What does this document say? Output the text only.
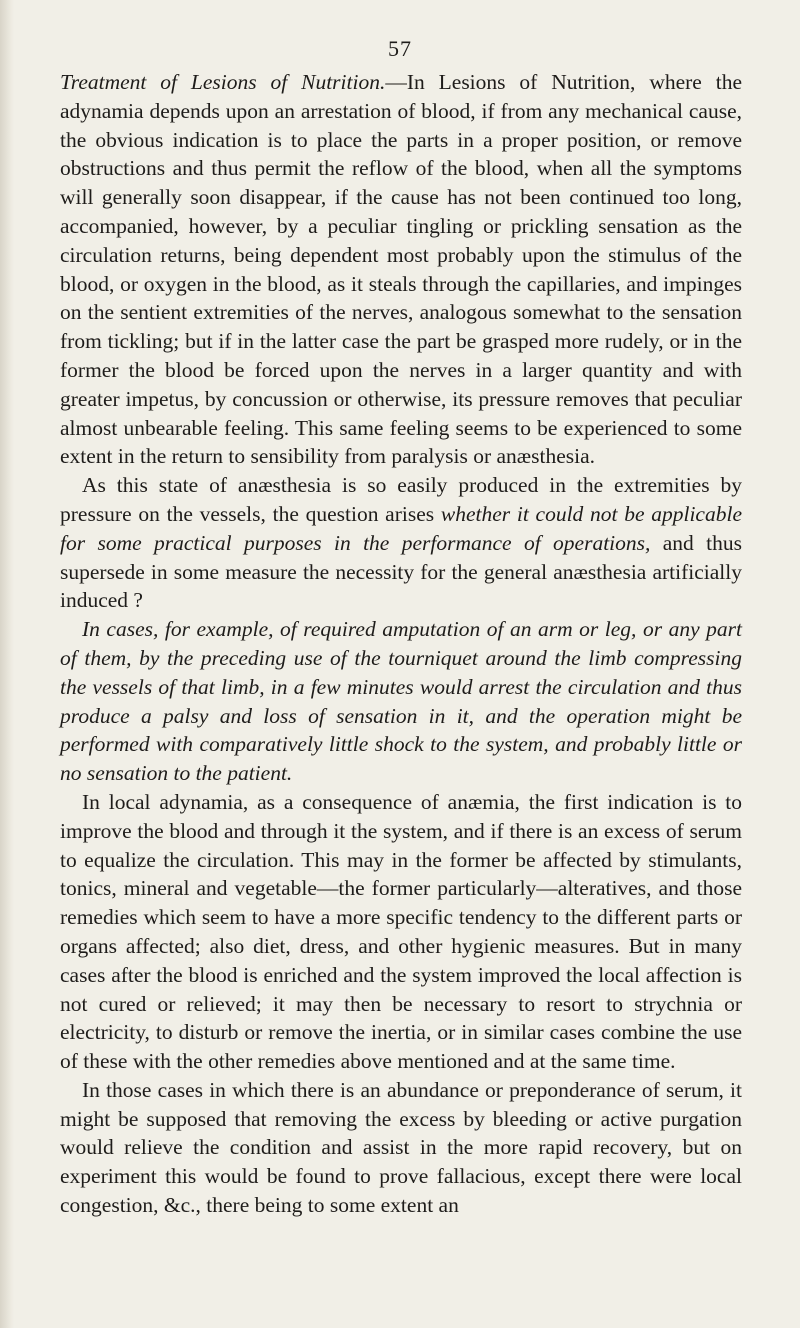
57

Treatment of Lesions of Nutrition.—In Lesions of Nutrition, where the adynamia depends upon an arrestation of blood, if from any mechanical cause, the obvious indication is to place the parts in a proper position, or remove obstructions and thus permit the reflow of the blood, when all the symptoms will generally soon disappear, if the cause has not been continued too long, accompanied, however, by a peculiar tingling or prickling sensation as the circulation returns, being dependent most probably upon the stimulus of the blood, or oxygen in the blood, as it steals through the capillaries, and impinges on the sentient extremities of the nerves, analogous somewhat to the sensation from tickling; but if in the latter case the part be grasped more rudely, or in the former the blood be forced upon the nerves in a larger quantity and with greater impetus, by concussion or otherwise, its pressure removes that peculiar almost unbearable feeling. This same feeling seems to be experienced to some extent in the return to sensibility from paralysis or anæsthesia.

As this state of anæsthesia is so easily produced in the extremities by pressure on the vessels, the question arises whether it could not be applicable for some practical purposes in the performance of operations, and thus supersede in some measure the necessity for the general anæsthesia artificially induced ?

In cases, for example, of required amputation of an arm or leg, or any part of them, by the preceding use of the tourniquet around the limb compressing the vessels of that limb, in a few minutes would arrest the circulation and thus produce a palsy and loss of sensation in it, and the operation might be performed with comparatively little shock to the system, and probably little or no sensation to the patient.

In local adynamia, as a consequence of anæmia, the first indication is to improve the blood and through it the system, and if there is an excess of serum to equalize the circulation. This may in the former be affected by stimulants, tonics, mineral and vegetable—the former particularly—alteratives, and those remedies which seem to have a more specific tendency to the different parts or organs affected; also diet, dress, and other hygienic measures. But in many cases after the blood is enriched and the system improved the local affection is not cured or relieved; it may then be necessary to resort to strychnia or electricity, to disturb or remove the inertia, or in similar cases combine the use of these with the other remedies above mentioned and at the same time.

In those cases in which there is an abundance or preponderance of serum, it might be supposed that removing the excess by bleeding or active purgation would relieve the condition and assist in the more rapid recovery, but on experiment this would be found to prove fallacious, except there were local congestion, &c., there being to some extent an
